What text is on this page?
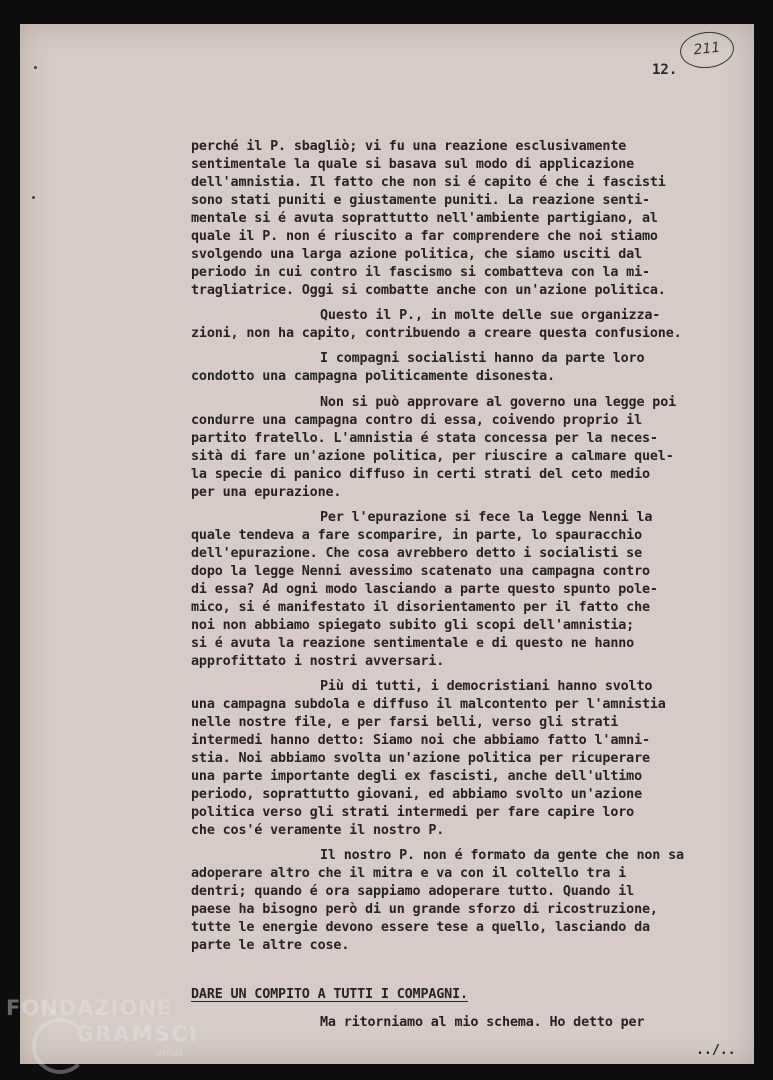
211
12.
perché il P. sbagliò; vi fu una reazione esclusivamente
sentimentale la quale si basava sul modo di applicazione
dell'amnistia. Il fatto che non si é capito é che i fascisti
sono stati puniti e giustamente puniti. La reazione senti-
mentale si é avuta soprattutto nell'ambiente partigiano, al
quale il P. non é riuscito a far comprendere che noi stiamo
svolgendo una larga azione politica, che siamo usciti dal
periodo in cui contro il fascismo si combatteva con la mi-
tragliatrice. Oggi si combatte anche con un'azione politica.
Questo il P., in molte delle sue organizza-
zioni, non ha capito, contribuendo a creare questa confusione.
I compagni socialisti hanno da parte loro
condotto una campagna politicamente disonesta.
Non si può approvare al governo una legge poi
condurre una campagna contro di essa, coivendo proprio il
partito fratello. L'amnistia é stata concessa per la neces-
sità di fare un'azione politica, per riuscire a calmare quel-
la specie di panico diffuso in certi strati del ceto medio
per una epurazione.
Per l'epurazione si fece la legge Nenni la
quale tendeva a fare scomparire, in parte, lo spauracchio
dell'epurazione. Che cosa avrebbero detto i socialisti se
dopo la legge Nenni avessimo scatenato una campagna contro
di essa? Ad ogni modo lasciando a parte questo spunto pole-
mico, si é manifestato il disorientamento per il fatto che
noi non abbiamo spiegato subito gli scopi dell'amnistia;
si é avuta la reazione sentimentale e di questo ne hanno
approfittato i nostri avversari.
Più di tutti, i democristiani hanno svolto
una campagna subdola e diffuso il malcontento per l'amnistia
nelle nostre file, e per farsi belli, verso gli strati
intermedi hanno detto: Siamo noi che abbiamo fatto l'amni-
stia. Noi abbiamo svolta un'azione politica per ricuperare
una parte importante degli ex fascisti, anche dell'ultimo
periodo, soprattutto giovani, ed abbiamo svolto un'azione
politica verso gli strati intermedi per fare capire loro
che cos'é veramente il nostro P.
Il nostro P. non é formato da gente che non sa
adoperare altro che il mitra e va con il coltello tra i
dentri; quando é ora sappiamo adoperare tutto. Quando il
paese ha bisogno però di un grande sforzo di ricostruzione,
tutte le energie devono essere tese a quello, lasciando da
parte le altre cose.
DARE UN COMPITO A TUTTI I COMPAGNI.
Ma ritorniamo al mio schema. Ho detto per
../..
FONDAZIONE
GRAMSCI
onlus
